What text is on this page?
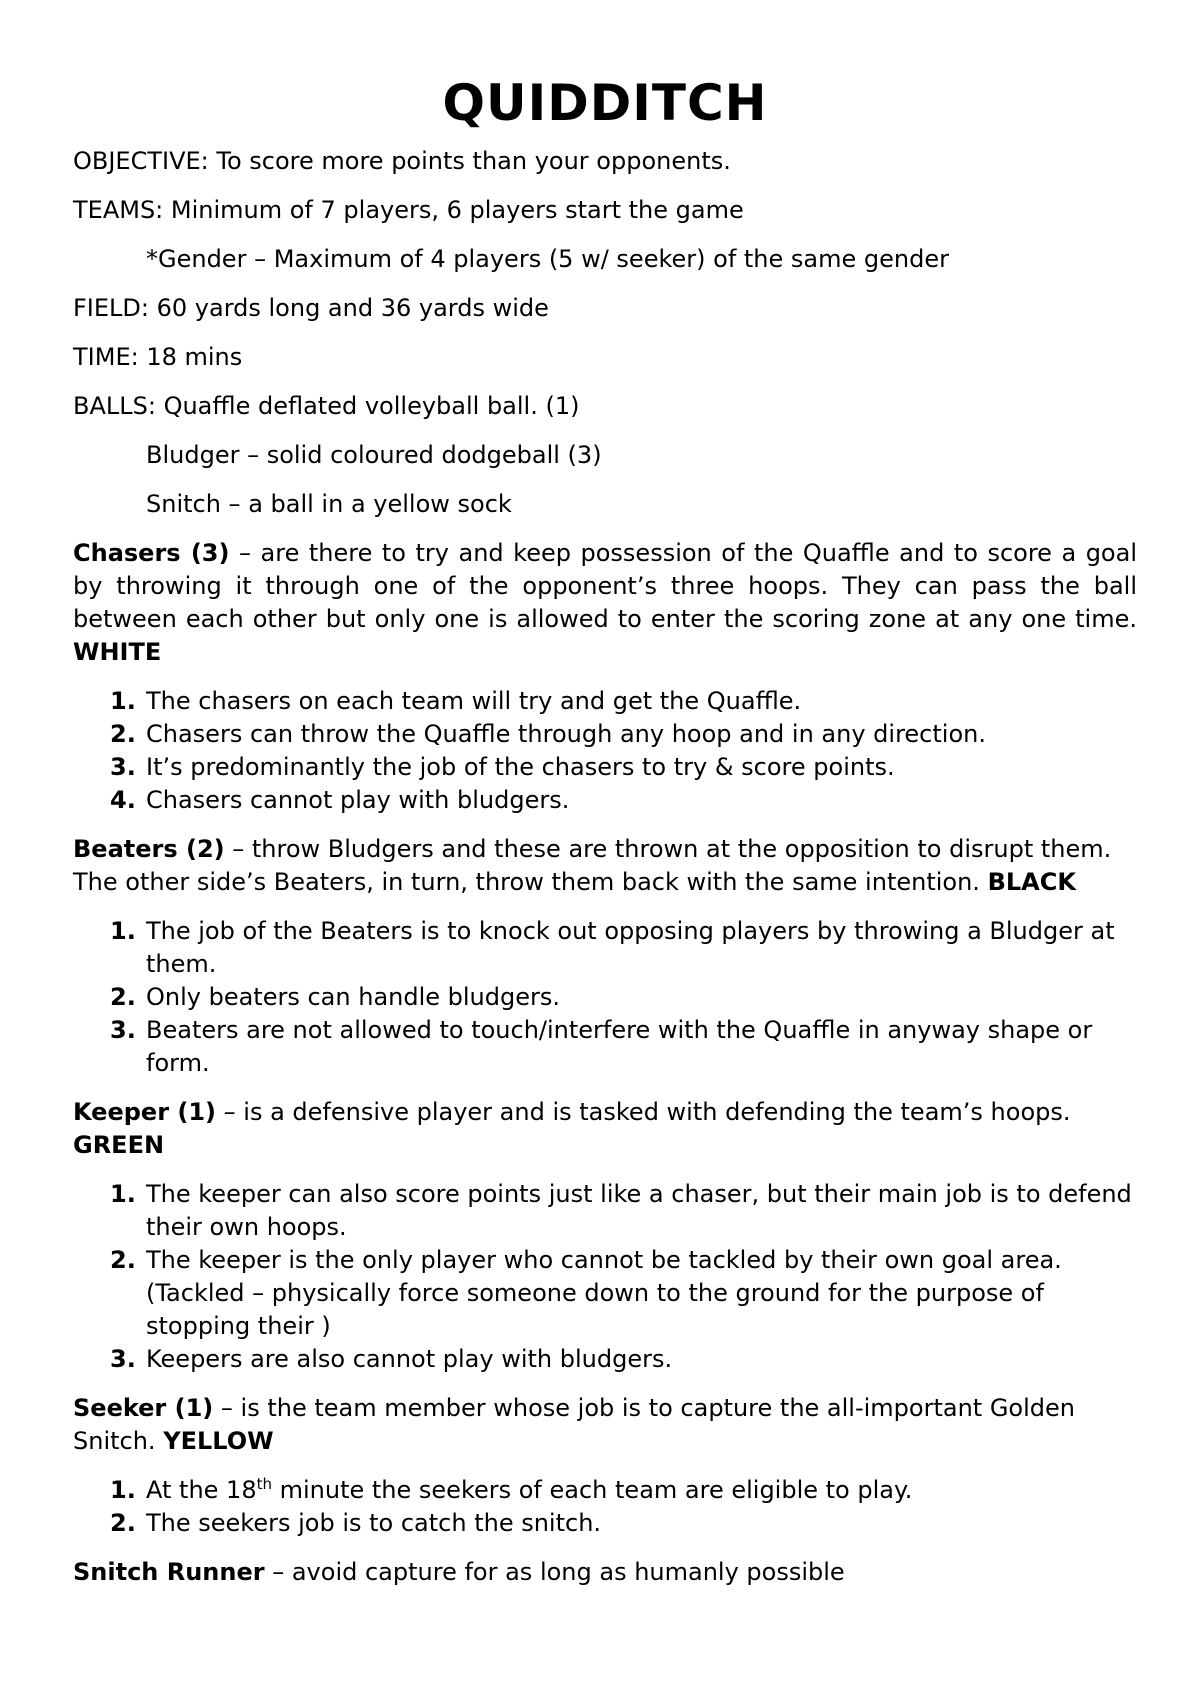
QUIDDITCH

OBJECTIVE: To score more points than your opponents.

TEAMS: Minimum of 7 players, 6 players start the game

*Gender – Maximum of 4 players (5 w/ seeker) of the same gender

FIELD: 60 yards long and 36 yards wide

TIME: 18 mins

BALLS: Quaffle deflated volleyball ball. (1)

Bludger – solid coloured dodgeball (3)

Snitch – a ball in a yellow sock

Chasers (3) – are there to try and keep possession of the Quaffle and to score a goal by throwing it through one of the opponent’s three hoops. They can pass the ball between each other but only one is allowed to enter the scoring zone at any one time. WHITE

1. The chasers on each team will try and get the Quaffle.
2. Chasers can throw the Quaffle through any hoop and in any direction.
3. It’s predominantly the job of the chasers to try & score points.
4. Chasers cannot play with bludgers.

Beaters (2) – throw Bludgers and these are thrown at the opposition to disrupt them. The other side’s Beaters, in turn, throw them back with the same intention. BLACK

1. The job of the Beaters is to knock out opposing players by throwing a Bludger at them.
2. Only beaters can handle bludgers.
3. Beaters are not allowed to touch/interfere with the Quaffle in anyway shape or form.

Keeper (1) – is a defensive player and is tasked with defending the team’s hoops. GREEN

1. The keeper can also score points just like a chaser, but their main job is to defend their own hoops.
2. The keeper is the only player who cannot be tackled by their own goal area. (Tackled – physically force someone down to the ground for the purpose of stopping their )
3. Keepers are also cannot play with bludgers.

Seeker (1) – is the team member whose job is to capture the all-important Golden Snitch. YELLOW

1. At the 18th minute the seekers of each team are eligible to play.
2. The seekers job is to catch the snitch.

Snitch Runner – avoid capture for as long as humanly possible
